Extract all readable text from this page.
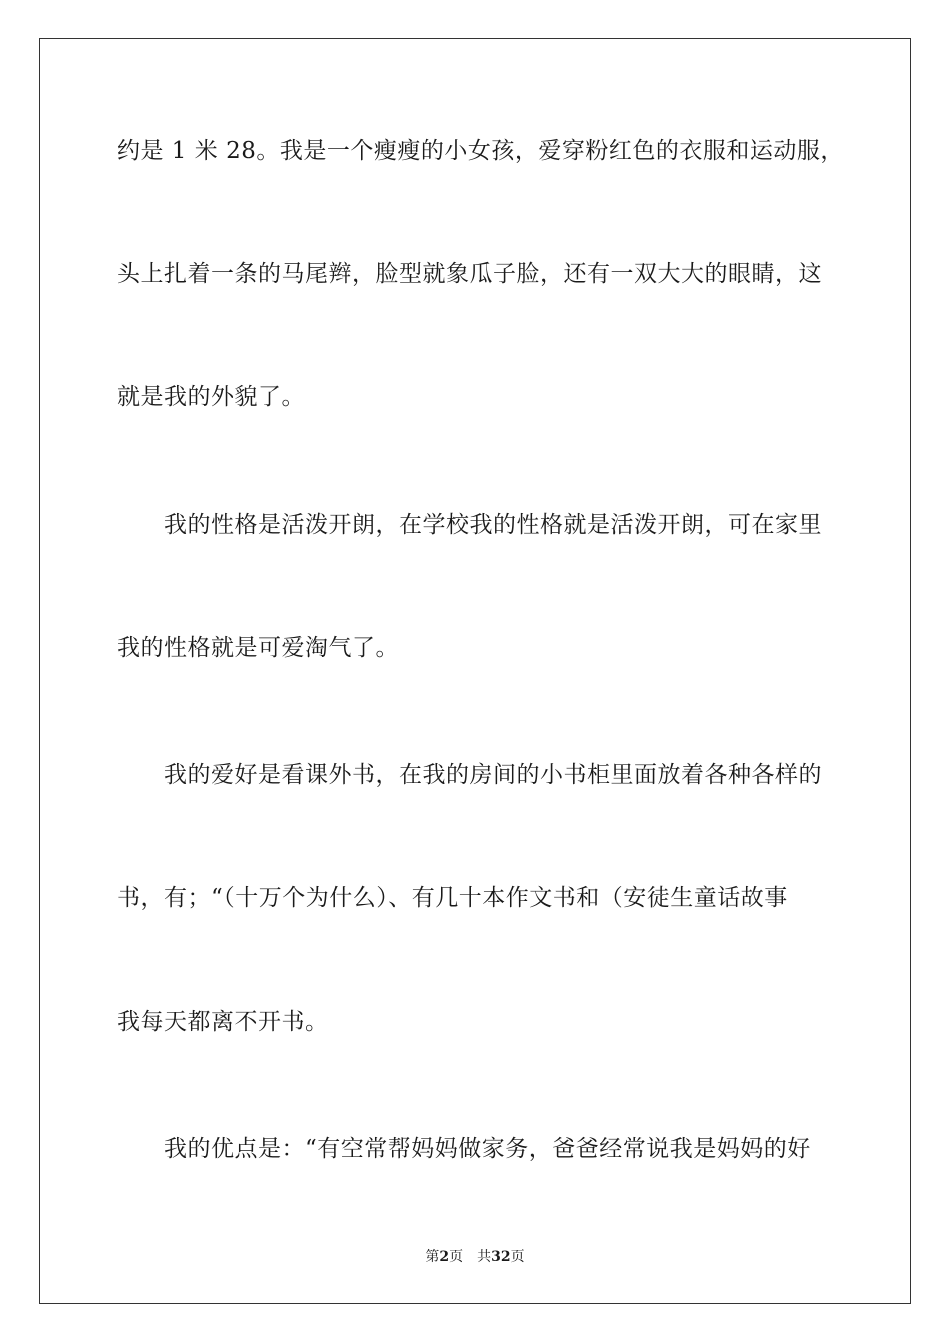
约是 1 米 28。我是一个瘦瘦的小女孩，爱穿粉红色的衣服和运动服，
头上扎着一条的马尾辫，脸型就象瓜子脸，还有一双大大的眼睛，这
就是我的外貌了。
我的性格是活泼开朗，在学校我的性格就是活泼开朗，可在家里
我的性格就是可爱淘气了。
我的爱好是看课外书，在我的房间的小书柜里面放着各种各样的
书，有；“（十万个为什么）、有几十本作文书和（安徒生童话故事
我每天都离不开书。
我的优点是：“有空常帮妈妈做家务，爸爸经常说我是妈妈的好
第2页 共32页
